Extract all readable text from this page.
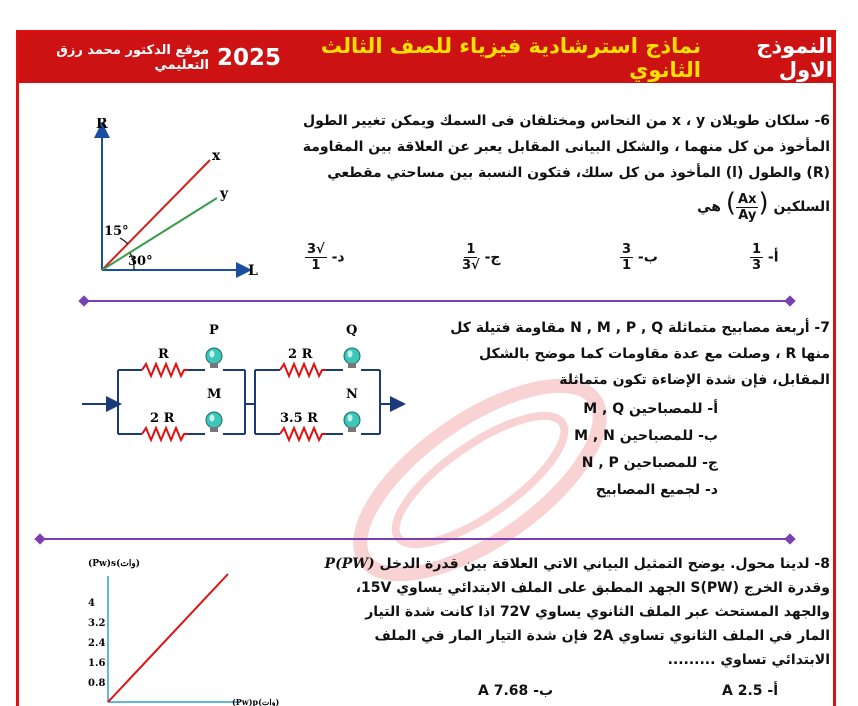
النموذج الاول
نماذج استرشادية فيزياء للصف الثالث الثانوي
2025
موقع الدكتور محمد رزق التعليمي
6- سلكان طويلان x ، y من النحاس ومختلفان فى السمك ويمكن تغيير الطول
المأخوذ من كل منهما ، والشكل البيانى المقابل يعبر عن العلاقة بين المقاومة
(R) والطول (l) المأخوذ من كل سلك، فتكون النسبة بين مساحتي مقطعي
السلكين (
$\frac{Ax}{Ay}$
) هي
أ-
$\frac{1}{3}$
ب-
$\frac{3}{1}$
ج-
$\frac{1}{√3}$
د-
$\frac{√3}{1}$
R
L
x
y
15°
30°
7- أربعة مصابيح متماثلة N , M , P , Q مقاومة فتيلة كل
منها R ، وصلت مع عدة مقاومات كما موضح بالشكل
المقابل، فإن شدة الإضاءة تكون متماثلة
أ- للمصباحين M , Q
ب- للمصباحين M , N
ج- للمصباحين N , P
د- لجميع المصابيح
R
2 R
2 R
3.5 R
P
M
Q
N
8- لدينا محول. يوضح التمثيل البياني الاتي العلاقة بين قدرة الدخل (PW)P
وقدرة الخرج (PW)S الجهد المطبق على الملف الابتدائي يساوي 15V،
والجهد المستحث عبر الملف الثانوي يساوي 72V اذا كانت شدة التيار
المار في الملف الثانوي تساوي 2A فإن شدة التيار المار في الملف
الابتدائي تساوي .........
أ- 2.5 A
ب- 7.68 A
(Pw)s(وات)
(Pw)p(وات)
0.8
1.6
2.4
3.2
4
